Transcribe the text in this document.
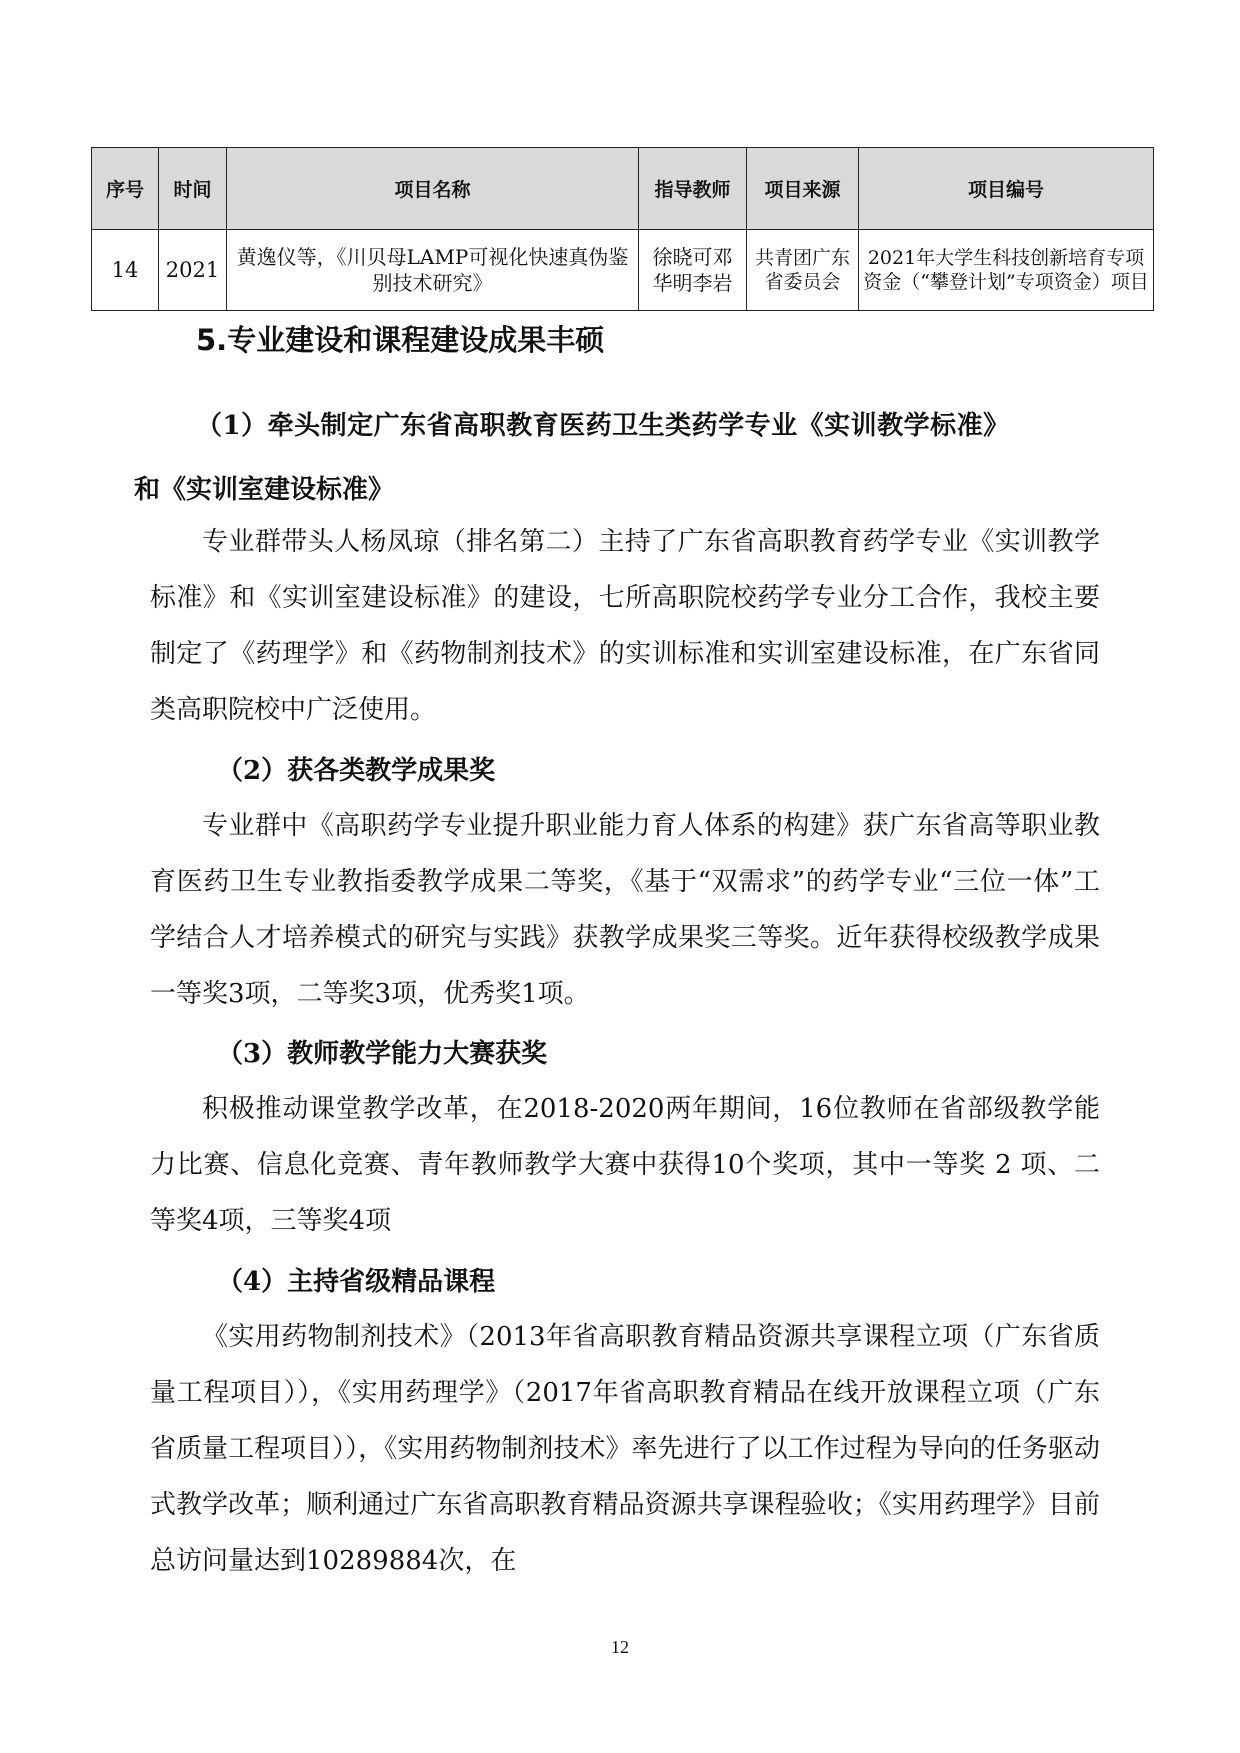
序号	时间	项目名称	指导教师	项目来源	项目编号
14	2021	黄逸仪等，《川贝母LAMP可视化快速真伪鉴别技术研究》	徐晓可邓华明李岩	共青团广东省委员会	2021年大学生科技创新培育专项资金（“攀登计划”专项资金）项目
5.专业建设和课程建设成果丰硕
（1）牵头制定广东省高职教育医药卫生类药学专业《实训教学标准》
和《实训室建设标准》

专业群带头人杨凤琼（排名第二）主持了广东省高职教育药学专业《实训教学标准》和《实训室建设标准》的建设，七所高职院校药学专业分工合作，我校主要制定了《药理学》和《药物制剂技术》的实训标准和实训室建设标准，在广东省同类高职院校中广泛使用。

（2）获各类教学成果奖

专业群中《高职药学专业提升职业能力育人体系的构建》获广东省高等职业教育医药卫生专业教指委教学成果二等奖，《基于“双需求”的药学专业“三位一体”工学结合人才培养模式的研究与实践》获教学成果奖三等奖。近年获得校级教学成果一等奖3项，二等奖3项，优秀奖1项。

（3）教师教学能力大赛获奖

积极推动课堂教学改革，在2018-2020两年期间，16位教师在省部级教学能力比赛、信息化竞赛、青年教师教学大赛中获得10个奖项，其中一等奖 2 项、二等奖4项，三等奖4项

（4）主持省级精品课程

《实用药物制剂技术》（2013年省高职教育精品资源共享课程立项（广东省质量工程项目）），《实用药理学》（2017年省高职教育精品在线开放课程立项（广东省质量工程项目）），《实用药物制剂技术》率先进行了以工作过程为导向的任务驱动式教学改革；顺利通过广东省高职教育精品资源共享课程验收；《实用药理学》目前总访问量达到10289884次，在

12
